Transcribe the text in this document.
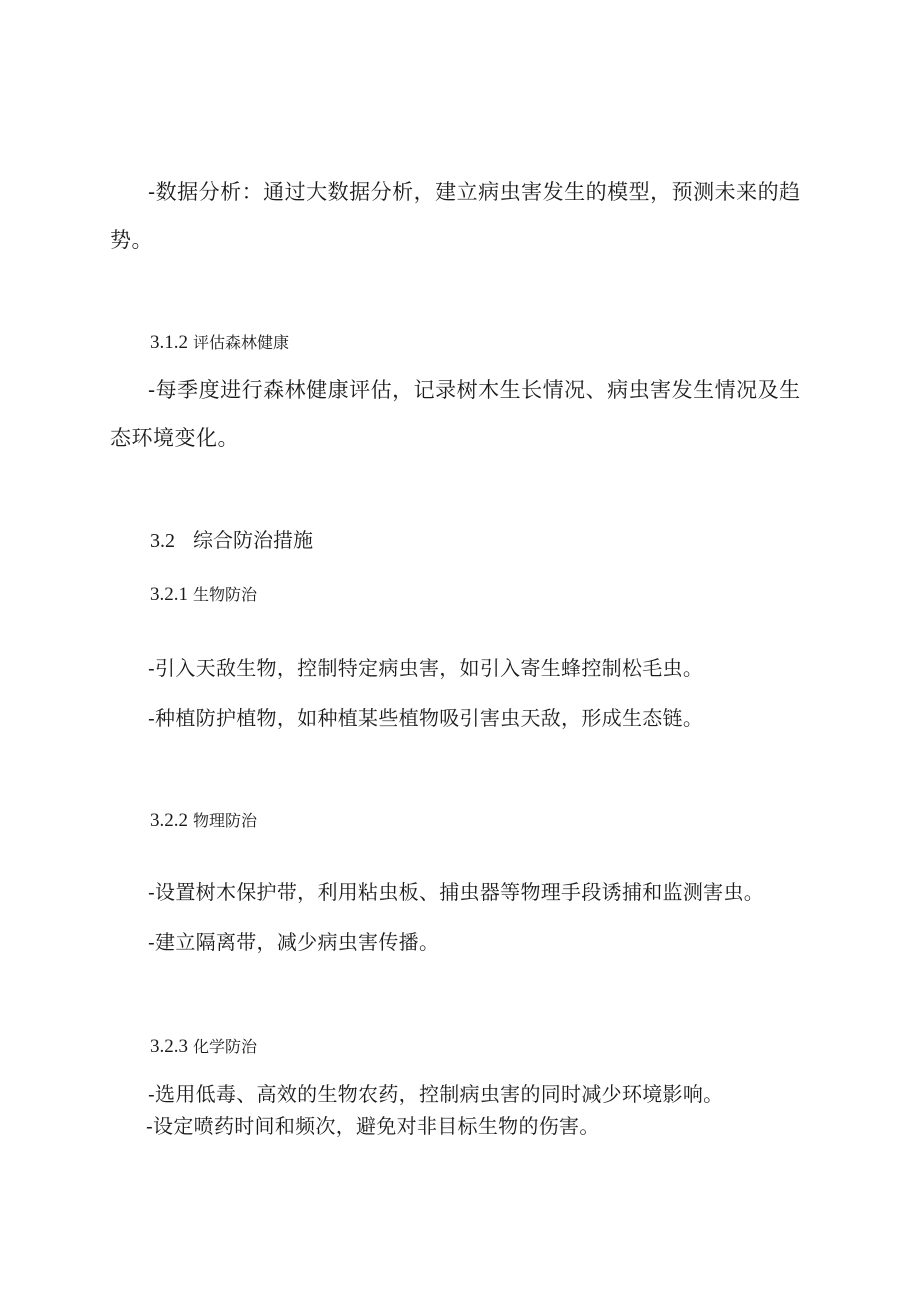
-数据分析：通过大数据分析，建立病虫害发生的模型，预测未来的趋势。

3.1.2 评估森林健康

-每季度进行森林健康评估，记录树木生长情况、病虫害发生情况及生态环境变化。

3.2 综合防治措施

3.2.1 生物防治

-引入天敌生物，控制特定病虫害，如引入寄生蜂控制松毛虫。

-种植防护植物，如种植某些植物吸引害虫天敌，形成生态链。

3.2.2 物理防治

-设置树木保护带，利用粘虫板、捕虫器等物理手段诱捕和监测害虫。

-建立隔离带，减少病虫害传播。

3.2.3 化学防治

-选用低毒、高效的生物农药，控制病虫害的同时减少环境影响。

-设定喷药时间和频次，避免对非目标生物的伤害。
